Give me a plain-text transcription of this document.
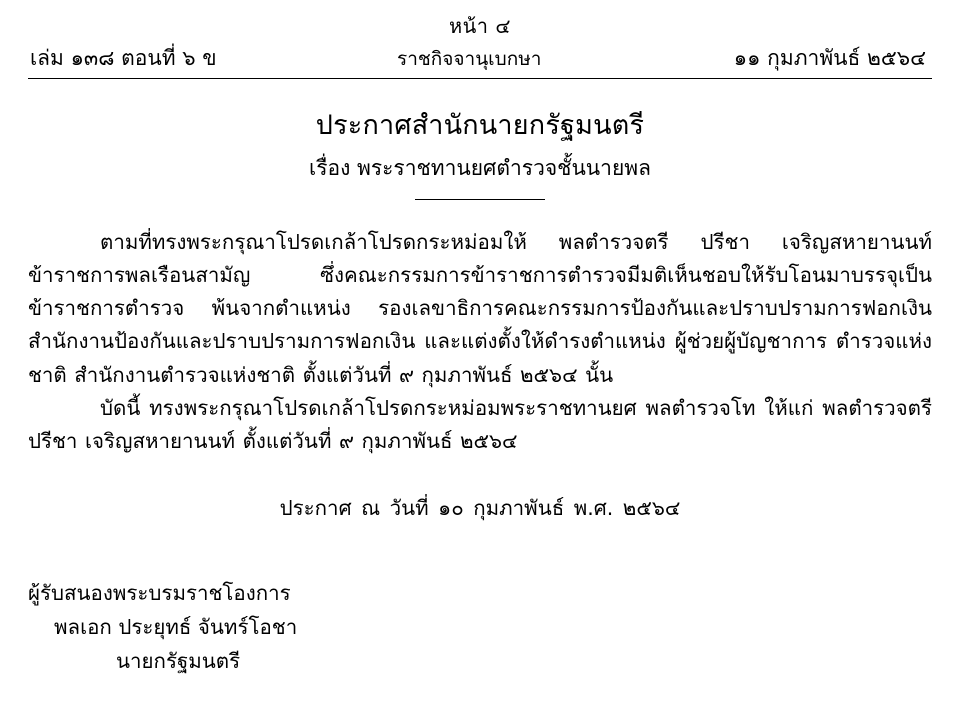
หน้า ๔
เล่ม ๑๓๘ ตอนที่ ๖ ข	ราชกิจจานุเบกษา	๑๑ กุมภาพันธ์ ๒๕๖๔
ประกาศสำนักนายกรัฐมนตรี
เรื่อง พระราชทานยศตำรวจชั้นนายพล
ตามที่ทรงพระกรุณาโปรดเกล้าโปรดกระหม่อมให้ พลตำรวจตรี ปรีชา เจริญสหายานนท์ ข้าราชการพลเรือนสามัญ ซึ่งคณะกรรมการข้าราชการตำรวจมีมติเห็นชอบให้รับโอนมาบรรจุเป็น ข้าราชการตำรวจ พ้นจากตำแหน่ง รองเลขาธิการคณะกรรมการป้องกันและปราบปรามการฟอกเงิน สำนักงานป้องกันและปราบปรามการฟอกเงิน และแต่งตั้งให้ดำรงตำแหน่ง ผู้ช่วยผู้บัญชาการ ตำรวจแห่งชาติ สำนักงานตำรวจแห่งชาติ ตั้งแต่วันที่ ๙ กุมภาพันธ์ ๒๕๖๔ นั้น
บัดนี้ ทรงพระกรุณาโปรดเกล้าโปรดกระหม่อมพระราชทานยศ พลตำรวจโท ให้แก่ พลตำรวจตรี ปรีชา เจริญสหายานนท์ ตั้งแต่วันที่ ๙ กุมภาพันธ์ ๒๕๖๔
ประกาศ ณ วันที่ ๑๐ กุมภาพันธ์ พ.ศ. ๒๕๖๔
ผู้รับสนองพระบรมราชโองการ
พลเอก ประยุทธ์ จันทร์โอชา
นายกรัฐมนตรี
